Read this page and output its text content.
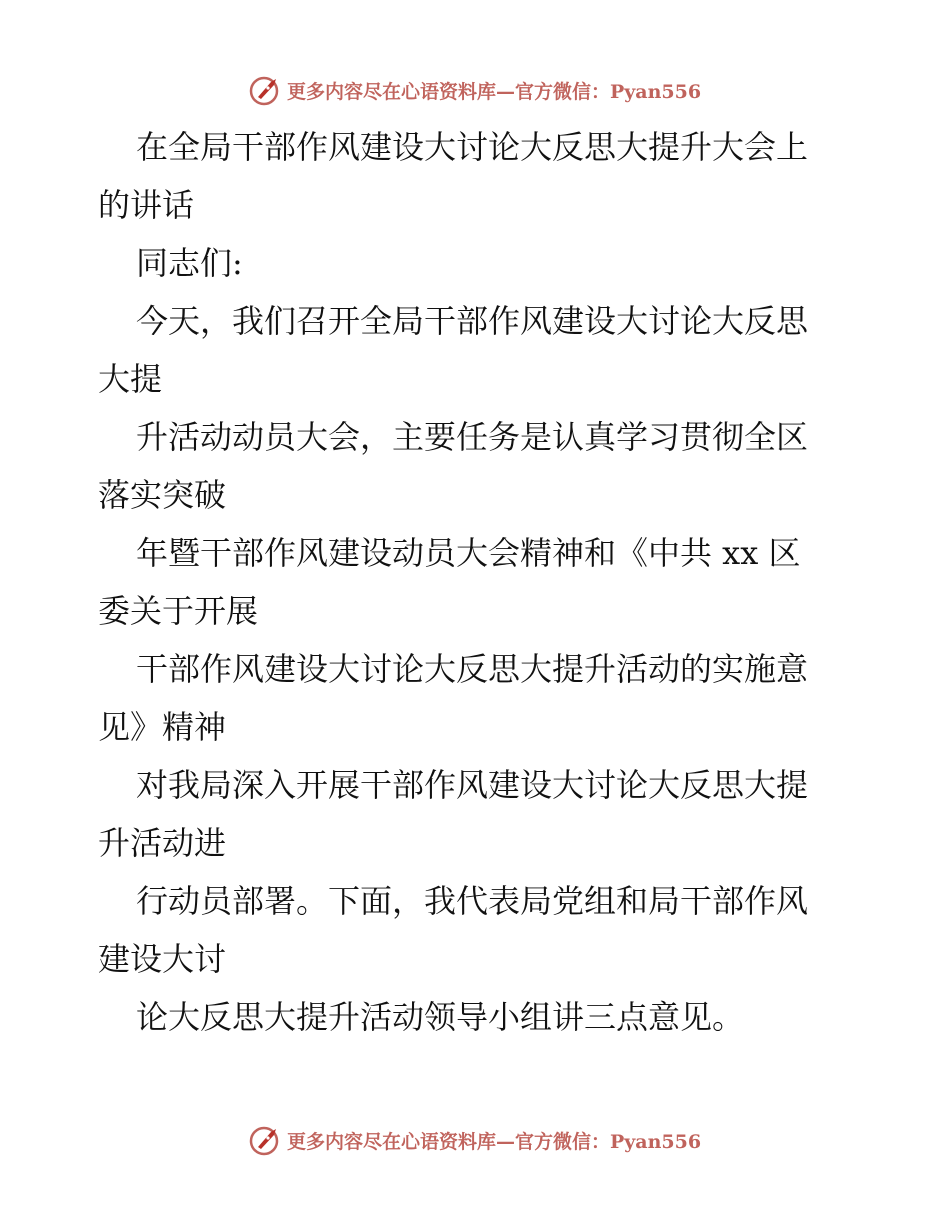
更多内容尽在心语资料库—官方微信：Pyan556

在全局干部作风建设大讨论大反思大提升大会上

的讲话

同志们:

今天，我们召开全局干部作风建设大讨论大反思

大提

升活动动员大会，主要任务是认真学习贯彻全区

落实突破

年暨干部作风建设动员大会精神和《中共 xx 区

委关于开展

干部作风建设大讨论大反思大提升活动的实施意

见》精神

对我局深入开展干部作风建设大讨论大反思大提

升活动进

行动员部署。下面，我代表局党组和局干部作风

建设大讨

论大反思大提升活动领导小组讲三点意见。

更多内容尽在心语资料库—官方微信：Pyan556
